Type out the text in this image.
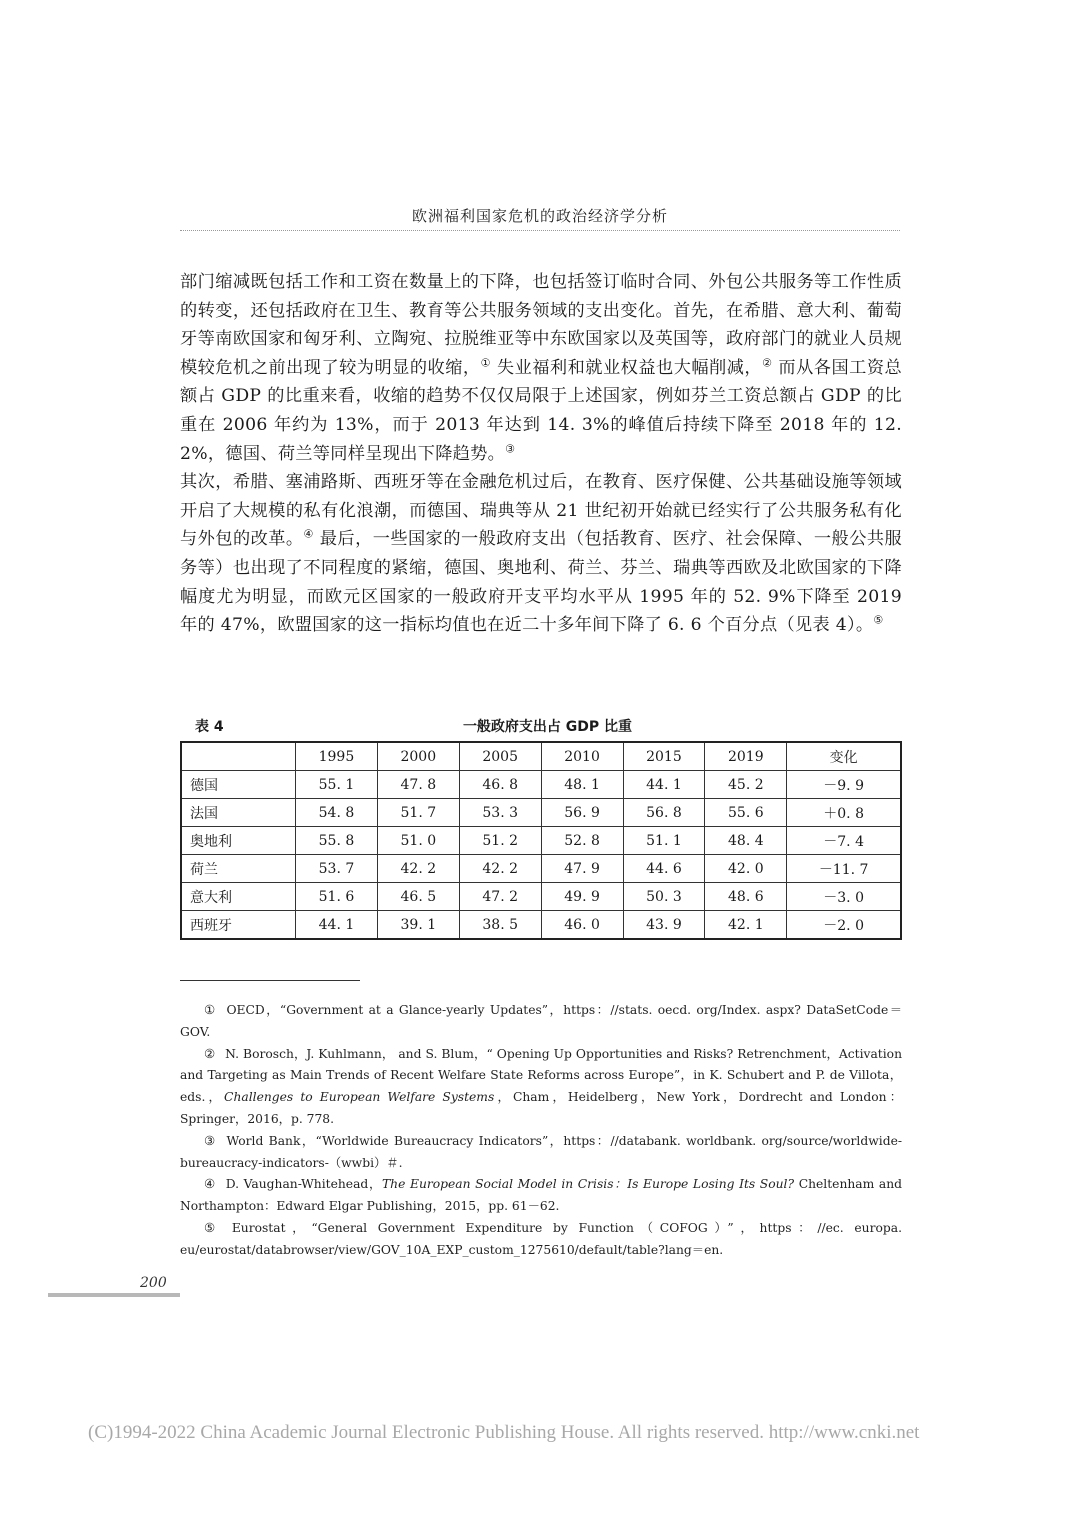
欧洲福利国家危机的政治经济学分析

部门缩减既包括工作和工资在数量上的下降，也包括签订临时合同、外包公共服务等工作性质的转变，还包括政府在卫生、教育等公共服务领域的支出变化。首先，在希腊、意大利、葡萄牙等南欧国家和匈牙利、立陶宛、拉脱维亚等中东欧国家以及英国等，政府部门的就业人员规模较危机之前出现了较为明显的收缩，① 失业福利和就业权益也大幅削减，② 而从各国工资总额占 GDP 的比重来看，收缩的趋势不仅仅局限于上述国家，例如芬兰工资总额占 GDP 的比重在 2006 年约为 13%，而于 2013 年达到 14. 3%的峰值后持续下降至 2018 年的 12. 2%，德国、荷兰等同样呈现出下降趋势。③
其次，希腊、塞浦路斯、西班牙等在金融危机过后，在教育、医疗保健、公共基础设施等领域开启了大规模的私有化浪潮，而德国、瑞典等从 21 世纪初开始就已经实行了公共服务私有化与外包的改革。④ 最后，一些国家的一般政府支出（包括教育、医疗、社会保障、一般公共服务等）也出现了不同程度的紧缩，德国、奥地利、荷兰、芬兰、瑞典等西欧及北欧国家的下降幅度尤为明显，而欧元区国家的一般政府开支平均水平从 1995 年的 52. 9%下降至 2019 年的 47%，欧盟国家的这一指标均值也在近二十多年间下降了 6. 6 个百分点（见表 4）。⑤

表 4	一般政府支出占 GDP 比重
	1995	2000	2005	2010	2015	2019	变化
德国	55. 1	47. 8	46. 8	48. 1	44. 1	45. 2	－9. 9
法国	54. 8	51. 7	53. 3	56. 9	56. 8	55. 6	＋0. 8
奥地利	55. 8	51. 0	51. 2	52. 8	51. 1	48. 4	－7. 4
荷兰	53. 7	42. 2	42. 2	47. 9	44. 6	42. 0	－11. 7
意大利	51. 6	46. 5	47. 2	49. 9	50. 3	48. 6	－3. 0
西班牙	44. 1	39. 1	38. 5	46. 0	43. 9	42. 1	－2. 0

① OECD，“Government at a Glance-yearly Updates”，https：//stats. oecd. org/Index. aspx? DataSetCode＝GOV.

② N. Borosch，J. Kuhlmann， and S. Blum，“ Opening Up Opportunities and Risks? Retrenchment，Activation and Targeting as Main Trends of Recent Welfare State Reforms across Europe”，in K. Schubert and P. de Villota，eds.，Challenges to European Welfare Systems，Cham，Heidelberg，New York，Dordrecht and London：Springer，2016，p. 778.

③ World Bank，“Worldwide Bureaucracy Indicators”，https：//databank. worldbank. org/source/worldwide-bureaucracy-indicators-（wwbi）＃.

④ D. Vaughan-Whitehead，The European Social Model in Crisis：Is Europe Losing Its Soul? Cheltenham and Northampton：Edward Elgar Publishing，2015，pp. 61－62.

⑤ Eurostat，“General Government Expenditure by Function（COFOG）”，https：//ec. europa. eu/eurostat/databrowser/view/GOV_10A_EXP_custom_1275610/default/table?lang＝en.

200
(C)1994-2022 China Academic Journal Electronic Publishing House. All rights reserved. http://www.cnki.net
